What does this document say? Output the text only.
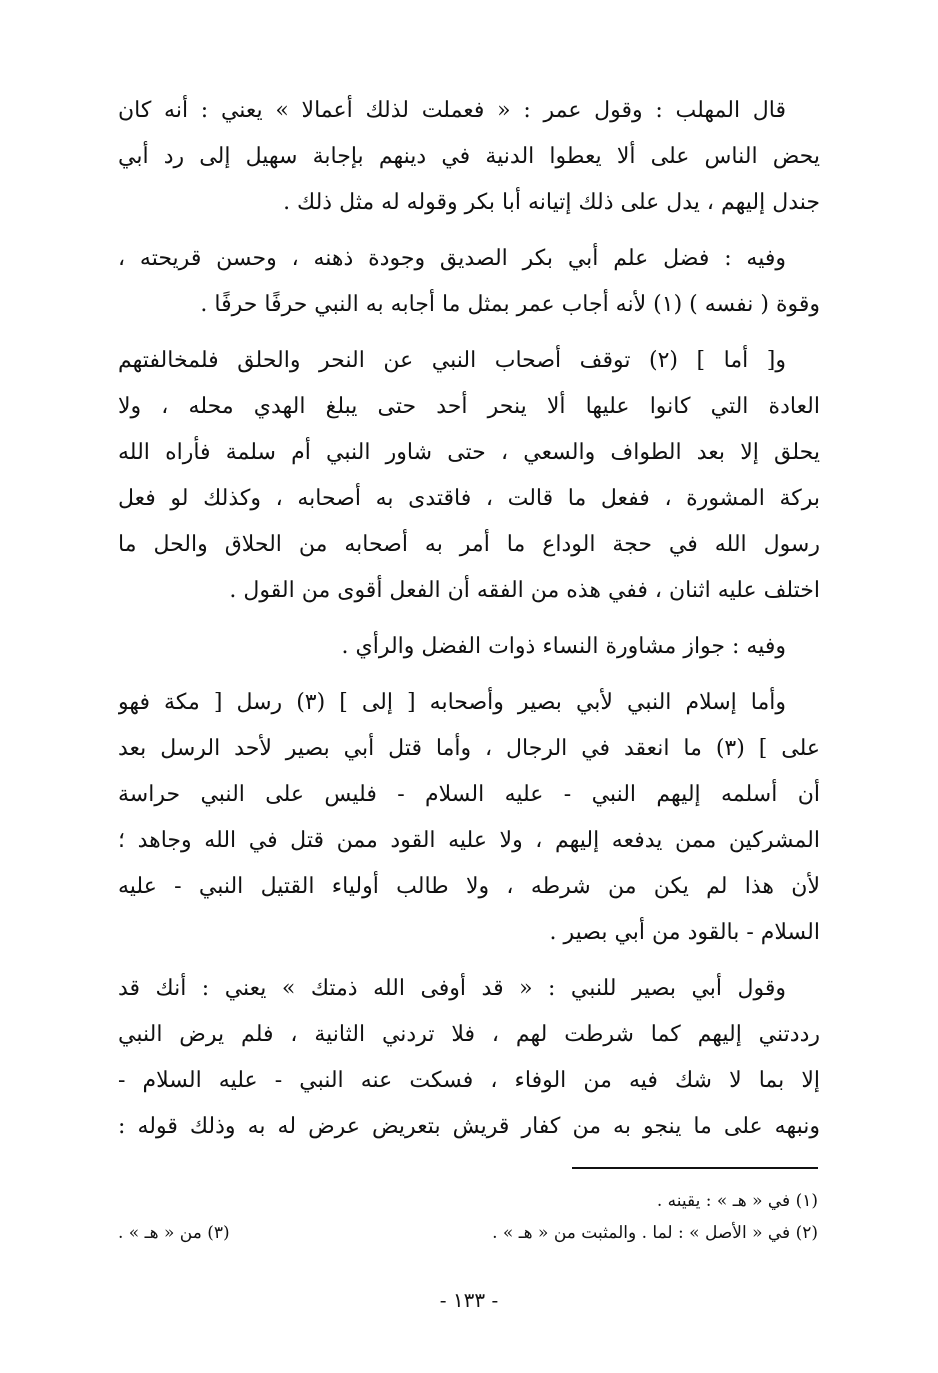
قال المهلب : وقول عمر : « فعملت لذلك أعمالا » يعني : أنه كان
يحض الناس على ألا يعطوا الدنية في دينهم بإجابة سهيل إلى رد أبي
جندل إليهم ، يدل على ذلك إتيانه أبا بكر وقوله له مثل ذلك .

وفيه : فضل علم أبي بكر الصديق وجودة ذهنه ، وحسن قريحته ،
وقوة ( نفسه ) (١) لأنه أجاب عمر بمثل ما أجابه به النبي حرفًا حرفًا .

و[ أما ] (٢) توقف أصحاب النبي عن النحر والحلق فلمخالفتهم
العادة التي كانوا عليها ألا ينحر أحد حتى يبلغ الهدي محله ، ولا
يحلق إلا بعد الطواف والسعي ، حتى شاور النبي أم سلمة فأراه الله
بركة المشورة ، ففعل ما قالت ، فاقتدى به أصحابه ، وكذلك لو فعل
رسول الله في حجة الوداع ما أمر به أصحابه من الحلاق والحل ما
اختلف عليه اثنان ، ففي هذه من الفقه أن الفعل أقوى من القول .

وفيه : جواز مشاورة النساء ذوات الفضل والرأي .

وأما إسلام النبي لأبي بصير وأصحابه [ إلى ] (٣) رسل [ مكة فهو
على ] (٣) ما انعقد في الرجال ، وأما قتل أبي بصير لأحد الرسل بعد
أن أسلمه إليهم النبي - عليه السلام - فليس على النبي حراسة
المشركين ممن يدفعه إليهم ، ولا عليه القود ممن قتل في الله وجاهد ؛
لأن هذا لم يكن من شرطه ، ولا طالب أولياء القتيل النبي - عليه
السلام - بالقود من أبي بصير .

وقول أبي بصير للنبي : « قد أوفى الله ذمتك » يعني : أنك قد
رددتني إليهم كما شرطت لهم ، فلا تردني الثانية ، فلم يرض النبي
إلا بما لا شك فيه من الوفاء ، فسكت عنه النبي - عليه السلام -
ونبهه على ما ينجو به من كفار قريش بتعريض عرض له به وذلك قوله :

(١) في « هـ » : يقينه .
(٢) في « الأصل » : لما . والمثبت من « هـ » .
(٣) من « هـ » .
- ١٣٣ -
